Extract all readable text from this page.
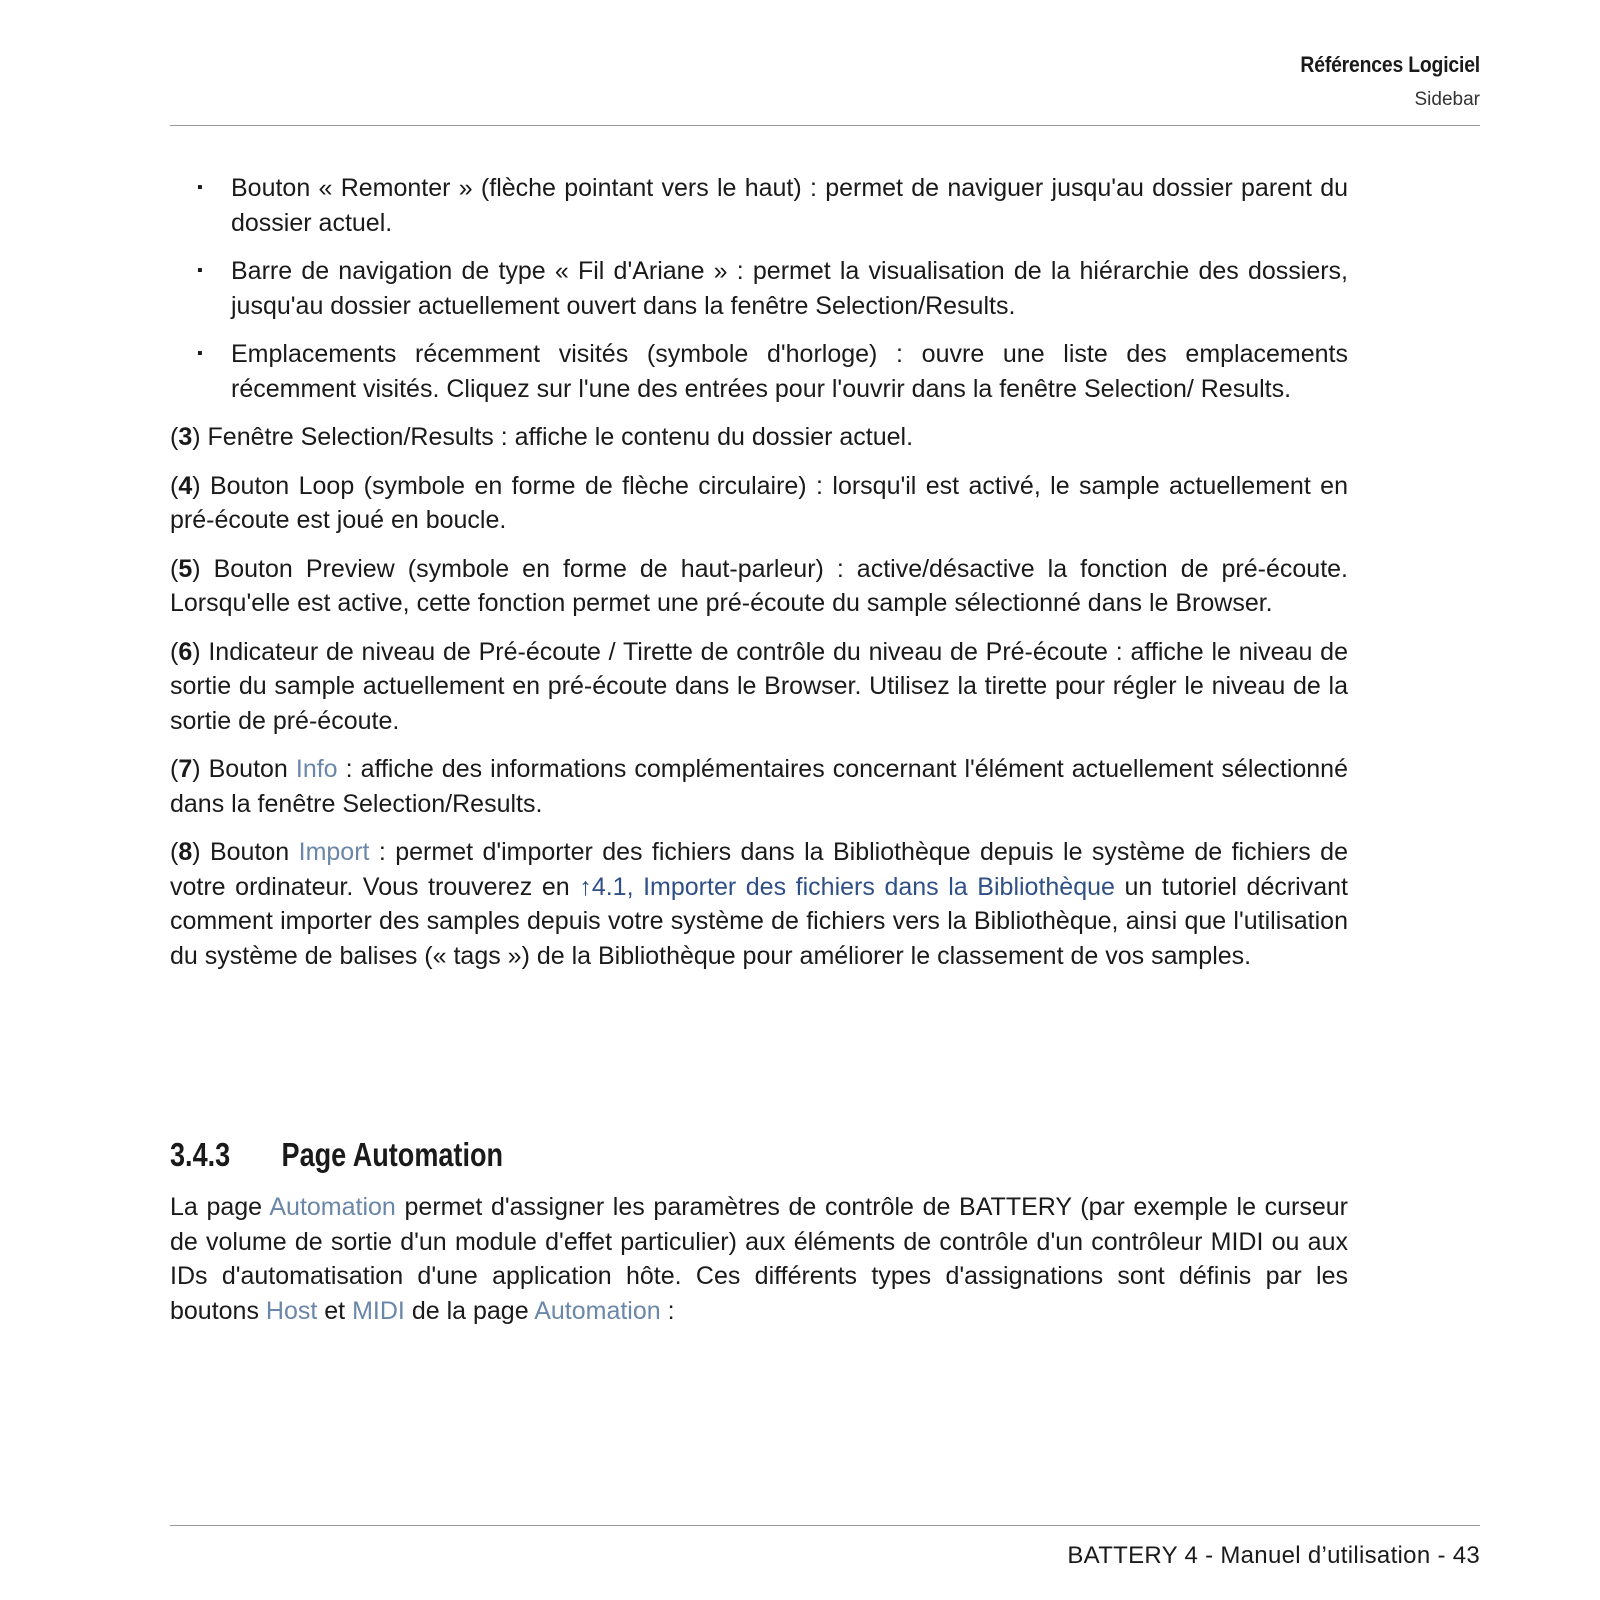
Références Logiciel
Sidebar
▪ Bouton « Remonter » (flèche pointant vers le haut) : permet de naviguer jusqu'au dossier parent du dossier actuel.
▪ Barre de navigation de type « Fil d'Ariane » : permet la visualisation de la hiérarchie des dossiers, jusqu'au dossier actuellement ouvert dans la fenêtre Selection/Results.
▪ Emplacements récemment visités (symbole d'horloge) : ouvre une liste des emplacements récemment visités. Cliquez sur l'une des entrées pour l'ouvrir dans la fenêtre Selection/ Results.

(3) Fenêtre Selection/Results : affiche le contenu du dossier actuel.

(4) Bouton Loop (symbole en forme de flèche circulaire) : lorsqu'il est activé, le sample actuellement en pré-écoute est joué en boucle.

(5) Bouton Preview (symbole en forme de haut-parleur) : active/désactive la fonction de pré-écoute. Lorsqu'elle est active, cette fonction permet une pré-écoute du sample sélectionné dans le Browser.

(6) Indicateur de niveau de Pré-écoute / Tirette de contrôle du niveau de Pré-écoute : affiche le niveau de sortie du sample actuellement en pré-écoute dans le Browser. Utilisez la tirette pour régler le niveau de la sortie de pré-écoute.

(7) Bouton Info : affiche des informations complémentaires concernant l'élément actuellement sélectionné dans la fenêtre Selection/Results.

(8) Bouton Import : permet d'importer des fichiers dans la Bibliothèque depuis le système de fichiers de votre ordinateur. Vous trouverez en ↑4.1, Importer des fichiers dans la Bibliothèque un tutoriel décrivant comment importer des samples depuis votre système de fichiers vers la Bibliothèque, ainsi que l'utilisation du système de balises (« tags ») de la Bibliothèque pour améliorer le classement de vos samples.

3.4.3 Page Automation

La page Automation permet d'assigner les paramètres de contrôle de BATTERY (par exemple le curseur de volume de sortie d'un module d'effet particulier) aux éléments de contrôle d'un contrôleur MIDI ou aux IDs d'automatisation d'une application hôte. Ces différents types d'assignations sont définis par les boutons Host et MIDI de la page Automation :

BATTERY 4 - Manuel d’utilisation - 43
